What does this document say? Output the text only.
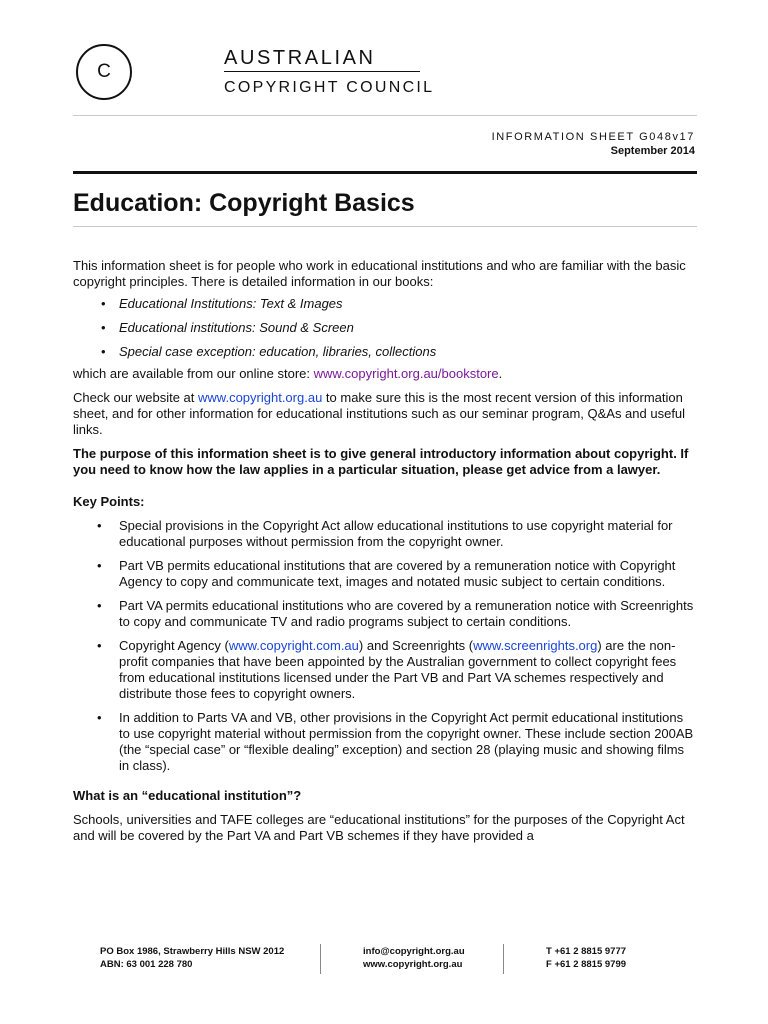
C
AUSTRALIAN
COPYRIGHT COUNCIL
INFORMATION SHEET G048v17
September 2014
Education: Copyright Basics

This information sheet is for people who work in educational institutions and who are familiar with the basic copyright principles. There is detailed information in our books:

• Educational Institutions: Text & Images
• Educational institutions: Sound & Screen
• Special case exception: education, libraries, collections

which are available from our online store: www.copyright.org.au/bookstore.

Check our website at www.copyright.org.au to make sure this is the most recent version of this information sheet, and for other information for educational institutions such as our seminar program, Q&As and useful links.

The purpose of this information sheet is to give general introductory information about copyright. If you need to know how the law applies in a particular situation, please get advice from a lawyer.

Key Points:

• Special provisions in the Copyright Act allow educational institutions to use copyright material for educational purposes without permission from the copyright owner.
• Part VB permits educational institutions that are covered by a remuneration notice with Copyright Agency to copy and communicate text, images and notated music subject to certain conditions.
• Part VA permits educational institutions who are covered by a remuneration notice with Screenrights to copy and communicate TV and radio programs subject to certain conditions.
• Copyright Agency (www.copyright.com.au) and Screenrights (www.screenrights.org) are the non-profit companies that have been appointed by the Australian government to collect copyright fees from educational institutions licensed under the Part VB and Part VA schemes respectively and distribute those fees to copyright owners.
• In addition to Parts VA and VB, other provisions in the Copyright Act permit educational institutions to use copyright material without permission from the copyright owner. These include section 200AB (the “special case” or “flexible dealing” exception) and section 28 (playing music and showing films in class).

What is an “educational institution”?

Schools, universities and TAFE colleges are “educational institutions” for the purposes of the Copyright Act and will be covered by the Part VA and Part VB schemes if they have provided a

PO Box 1986, Strawberry Hills NSW 2012
ABN: 63 001 228 780
info@copyright.org.au
www.copyright.org.au
T +61 2 8815 9777
F +61 2 8815 9799
